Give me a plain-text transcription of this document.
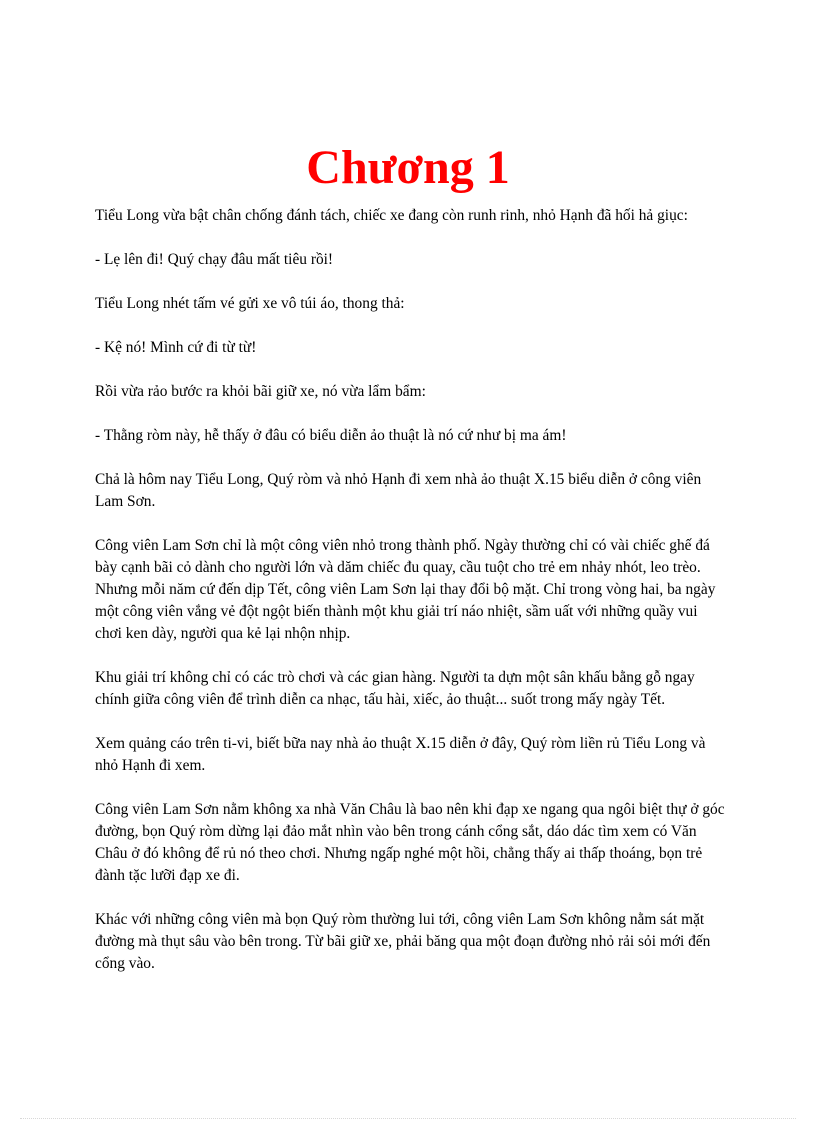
Chương 1

Tiểu Long vừa bật chân chống đánh tách, chiếc xe đang còn runh rinh, nhỏ Hạnh đã hối hả giục:

- Lẹ lên đi! Quý chạy đâu mất tiêu rồi!

Tiểu Long nhét tấm vé gửi xe vô túi áo, thong thả:

- Kệ nó! Mình cứ đi từ từ!

Rồi vừa rảo bước ra khỏi bãi giữ xe, nó vừa lẩm bẩm:

- Thằng ròm này, hễ thấy ở đâu có biểu diễn ảo thuật là nó cứ như bị ma ám!

Chả là hôm nay Tiểu Long, Quý ròm và nhỏ Hạnh đi xem nhà ảo thuật X.15 biểu diễn ở công viên Lam Sơn.

Công viên Lam Sơn chỉ là một công viên nhỏ trong thành phố. Ngày thường chỉ có vài chiếc ghế đá bày cạnh bãi cỏ dành cho người lớn và dăm chiếc đu quay, cầu tuột cho trẻ em nhảy nhót, leo trèo. Nhưng mỗi năm cứ đến dịp Tết, công viên Lam Sơn lại thay đổi bộ mặt. Chỉ trong vòng hai, ba ngày một công viên vắng vẻ đột ngột biến thành một khu giải trí náo nhiệt, sầm uất với những quầy vui chơi ken dày, người qua kẻ lại nhộn nhịp.

Khu giải trí không chỉ có các trò chơi và các gian hàng. Người ta dựn một sân khấu bằng gỗ ngay chính giữa công viên để trình diễn ca nhạc, tấu hài, xiếc, ảo thuật... suốt trong mấy ngày Tết.

Xem quảng cáo trên ti-vi, biết bữa nay nhà ảo thuật X.15 diễn ở đây, Quý ròm liền rủ Tiểu Long và nhỏ Hạnh đi xem.

Công viên Lam Sơn nằm không xa nhà Văn Châu là bao nên khi đạp xe ngang qua ngôi biệt thự ở góc đường, bọn Quý ròm dừng lại đảo mắt nhìn vào bên trong cánh cổng sắt, dáo dác tìm xem có Văn Châu ở đó không để rủ nó theo chơi. Nhưng ngấp nghé một hồi, chẳng thấy ai thấp thoáng, bọn trẻ đành tặc lưỡi đạp xe đi.

Khác với những công viên mà bọn Quý ròm thường lui tới, công viên Lam Sơn không nằm sát mặt đường mà thụt sâu vào bên trong. Từ bãi giữ xe, phải băng qua một đoạn đường nhỏ rải sỏi mới đến cổng vào.
